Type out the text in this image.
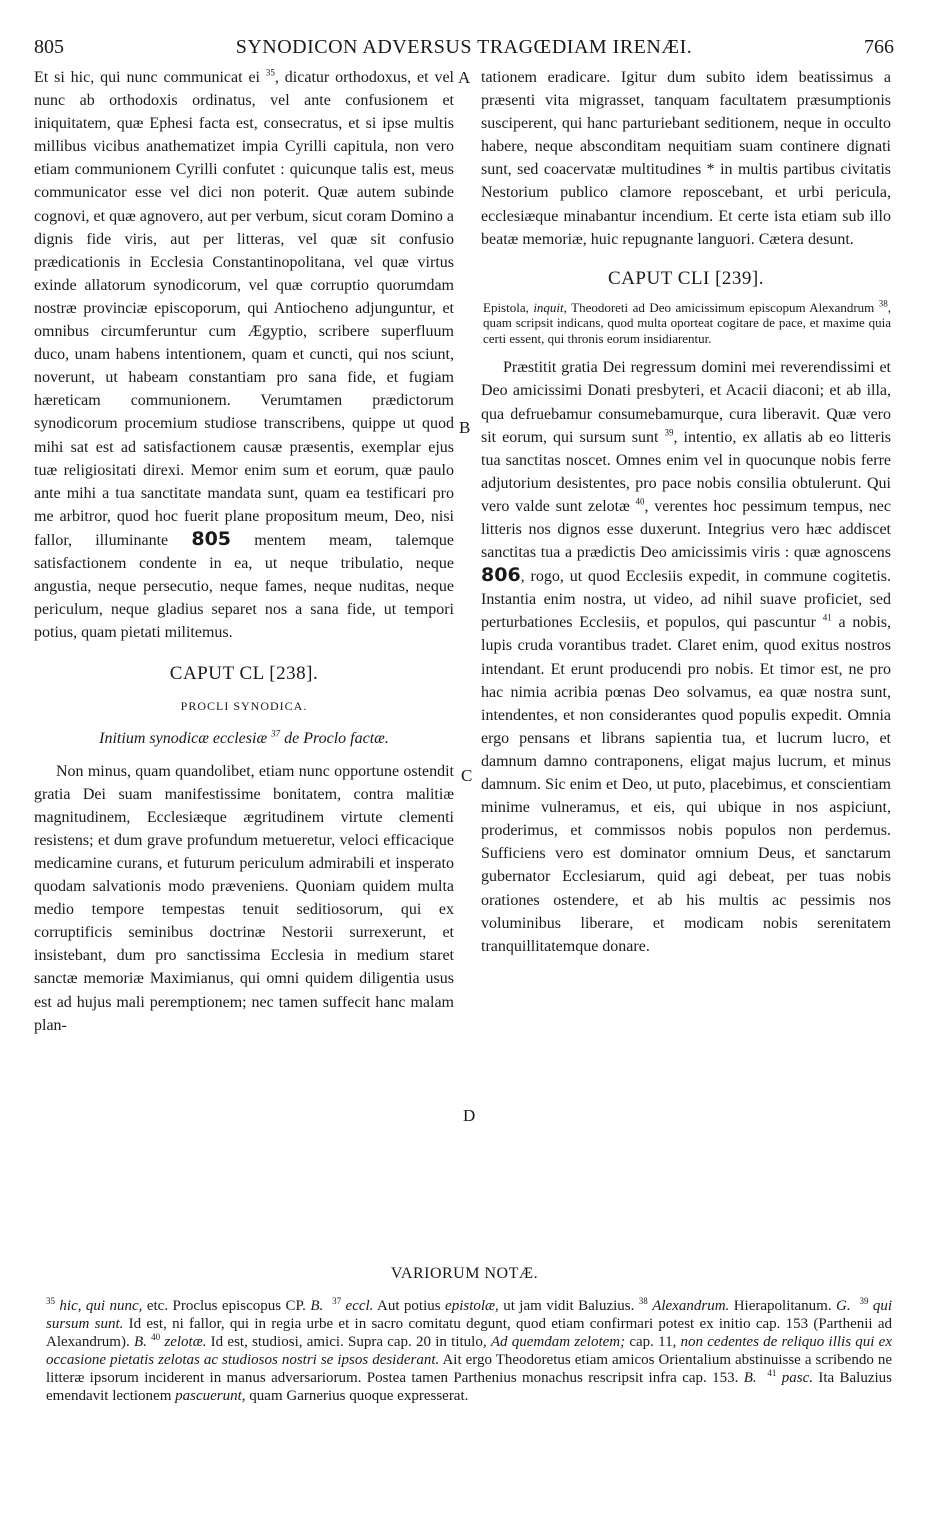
805	SYNODICON ADVERSUS TRAGŒDIAM IRENÆI.	766
A
B
C
D

Et si hic, qui nunc communicat ei $^{35}$, dicatur orthodoxus, et vel nunc ab orthodoxis ordinatus, vel ante confusionem et iniquitatem, quæ Ephesi facta est, consecratus, et si ipse multis millibus vicibus anathematizet impia Cyrilli capitula, non vero etiam communionem Cyrilli confutet : quicunque talis est, meus communicator esse vel dici non poterit. Quæ autem subinde cognovi, et quæ agnovero, aut per verbum, sicut coram Domino a dignis fide viris, aut per litteras, vel quæ sit confusio prædicationis in Ecclesia Constantinopolitana, vel quæ virtus exinde allatorum synodicorum, vel quæ corruptio quorumdam nostræ provinciæ episcoporum, qui Antiocheno adjunguntur, et omnibus circumferuntur cum Ægyptio, scribere superfluum duco, unam habens intentionem, quam et cuncti, qui nos sciunt, noverunt, ut habeam constantiam pro sana fide, et fugiam hæreticam communionem. Verumtamen prædictorum synodicorum procemium studiose transcribens, quippe ut quod mihi sat est ad satisfactionem causæ præsentis, exemplar ejus tuæ religiositati direxi. Memor enim sum et eorum, quæ paulo ante mihi a tua sanctitate mandata sunt, quam ea testificari pro me arbitror, quod hoc fuerit plane propositum meum, Deo, nisi fallor, illuminante 805 mentem meam, talemque satisfactionem condente in ea, ut neque tribulatio, neque angustia, neque persecutio, neque fames, neque nuditas, neque periculum, neque gladius separet nos a sana fide, ut tempori potius, quam pietati militemus.

CAPUT CL [238].
PROCLI SYNODICA.
Initium synodicæ ecclesiæ $^{37}$ de Proclo factæ.

Non minus, quam quandolibet, etiam nunc opportune ostendit gratia Dei suam manifestissime bonitatem, contra malitiæ magnitudinem, Ecclesiæque ægritudinem virtute clementi resistens; et dum grave profundum metueretur, veloci efficacique medicamine curans, et futurum periculum admirabili et insperato quodam salvationis modo præveniens. Quoniam quidem multa medio tempore tempestas tenuit seditiosorum, qui ex corruptificis seminibus doctrinæ Nestorii surrexerunt, et insistebant, dum pro sanctissima Ecclesia in medium staret sanctæ memoriæ Maximianus, qui omni quidem diligentia usus est ad hujus mali peremptionem; nec tamen suffecit hanc malam plan-

tationem eradicare. Igitur dum subito idem beatissimus a præsenti vita migrasset, tanquam facultatem præsumptionis susciperent, qui hanc parturiebant seditionem, neque in occulto habere, neque absconditam nequitiam suam continere dignati sunt, sed coacervatæ multitudines * in multis partibus civitatis Nestorium publico clamore reposcebant, et urbi pericula, ecclesiæque minabantur incendium. Et certe ista etiam sub illo beatæ memoriæ, huic repugnante languori. Cætera desunt.

CAPUT CLI [239].
Epistola, inquit, Theodoreti ad Deo amicissimum episcopum Alexandrum $^{38}$, quam scripsit indicans, quod multa oporteat cogitare de pace, et maxime quia certi essent, qui thronis eorum insidiarentur.

Præstitit gratia Dei regressum domini mei reverendissimi et Deo amicissimi Donati presbyteri, et Acacii diaconi; et ab illa, qua defruebamur consumebamurque, cura liberavit. Quæ vero sit eorum, qui sursum sunt $^{39}$, intentio, ex allatis ab eo litteris tua sanctitas noscet. Omnes enim vel in quocunque nobis ferre adjutorium desistentes, pro pace nobis consilia obtulerunt. Qui vero valde sunt zelotæ $^{40}$, verentes hoc pessimum tempus, nec litteris nos dignos esse duxerunt. Integrius vero hæc addiscet sanctitas tua a prædictis Deo amicissimis viris : quæ agnoscens 806, rogo, ut quod Ecclesiis expedit, in commune cogitetis. Instantia enim nostra, ut video, ad nihil suave proficiet, sed perturbationes Ecclesiis, et populos, qui pascuntur $^{41}$ a nobis, lupis cruda vorantibus tradet. Claret enim, quod exitus nostros intendant. Et erunt producendi pro nobis. Et timor est, ne pro hac nimia acribia pœnas Deo solvamus, ea quæ nostra sunt, intendentes, et non considerantes quod populis expedit. Omnia ergo pensans et librans sapientia tua, et lucrum lucro, et damnum damno contraponens, eligat majus lucrum, et minus damnum. Sic enim et Deo, ut puto, placebimus, et conscientiam minime vulneramus, et eis, qui ubique in nos aspiciunt, proderimus, et commissos nobis populos non perdemus. Sufficiens vero est dominator omnium Deus, et sanctarum gubernator Ecclesiarum, quid agi debeat, per tuas nobis orationes ostendere, et ab his multis ac pessimis nos voluminibus liberare, et modicam nobis serenitatem tranquillitatemque donare.

VARIORUM NOTÆ.

$^{35}$ hic, qui nunc, etc. Proclus episcopus CP. B. $^{37}$ eccl. Aut potius epistolæ, ut jam vidit Baluzius. $^{38}$ Alexandrum. Hierapolitanum. G. $^{39}$ qui sursum sunt. Id est, ni fallor, qui in regia urbe et in sacro comitatu degunt, quod etiam confirmari potest ex initio cap. 153 (Parthenii ad Alexandrum). B. $^{40}$ zelotæ. Id est, studiosi, amici. Supra cap. 20 in titulo, Ad quemdam zelotem; cap. 11, non cedentes de reliquo illis qui ex occasione pietatis zelotas ac studiosos nostri se ipsos desiderant. Ait ergo Theodoretus etiam amicos Orientalium abstinuisse a scribendo ne litteræ ipsorum inciderent in manus adversariorum. Postea tamen Parthenius monachus rescripsit infra cap. 153. B. $^{41}$ pasc. Ita Baluzius emendavit lectionem pascuerunt, quam Garnerius quoque expresserat.
